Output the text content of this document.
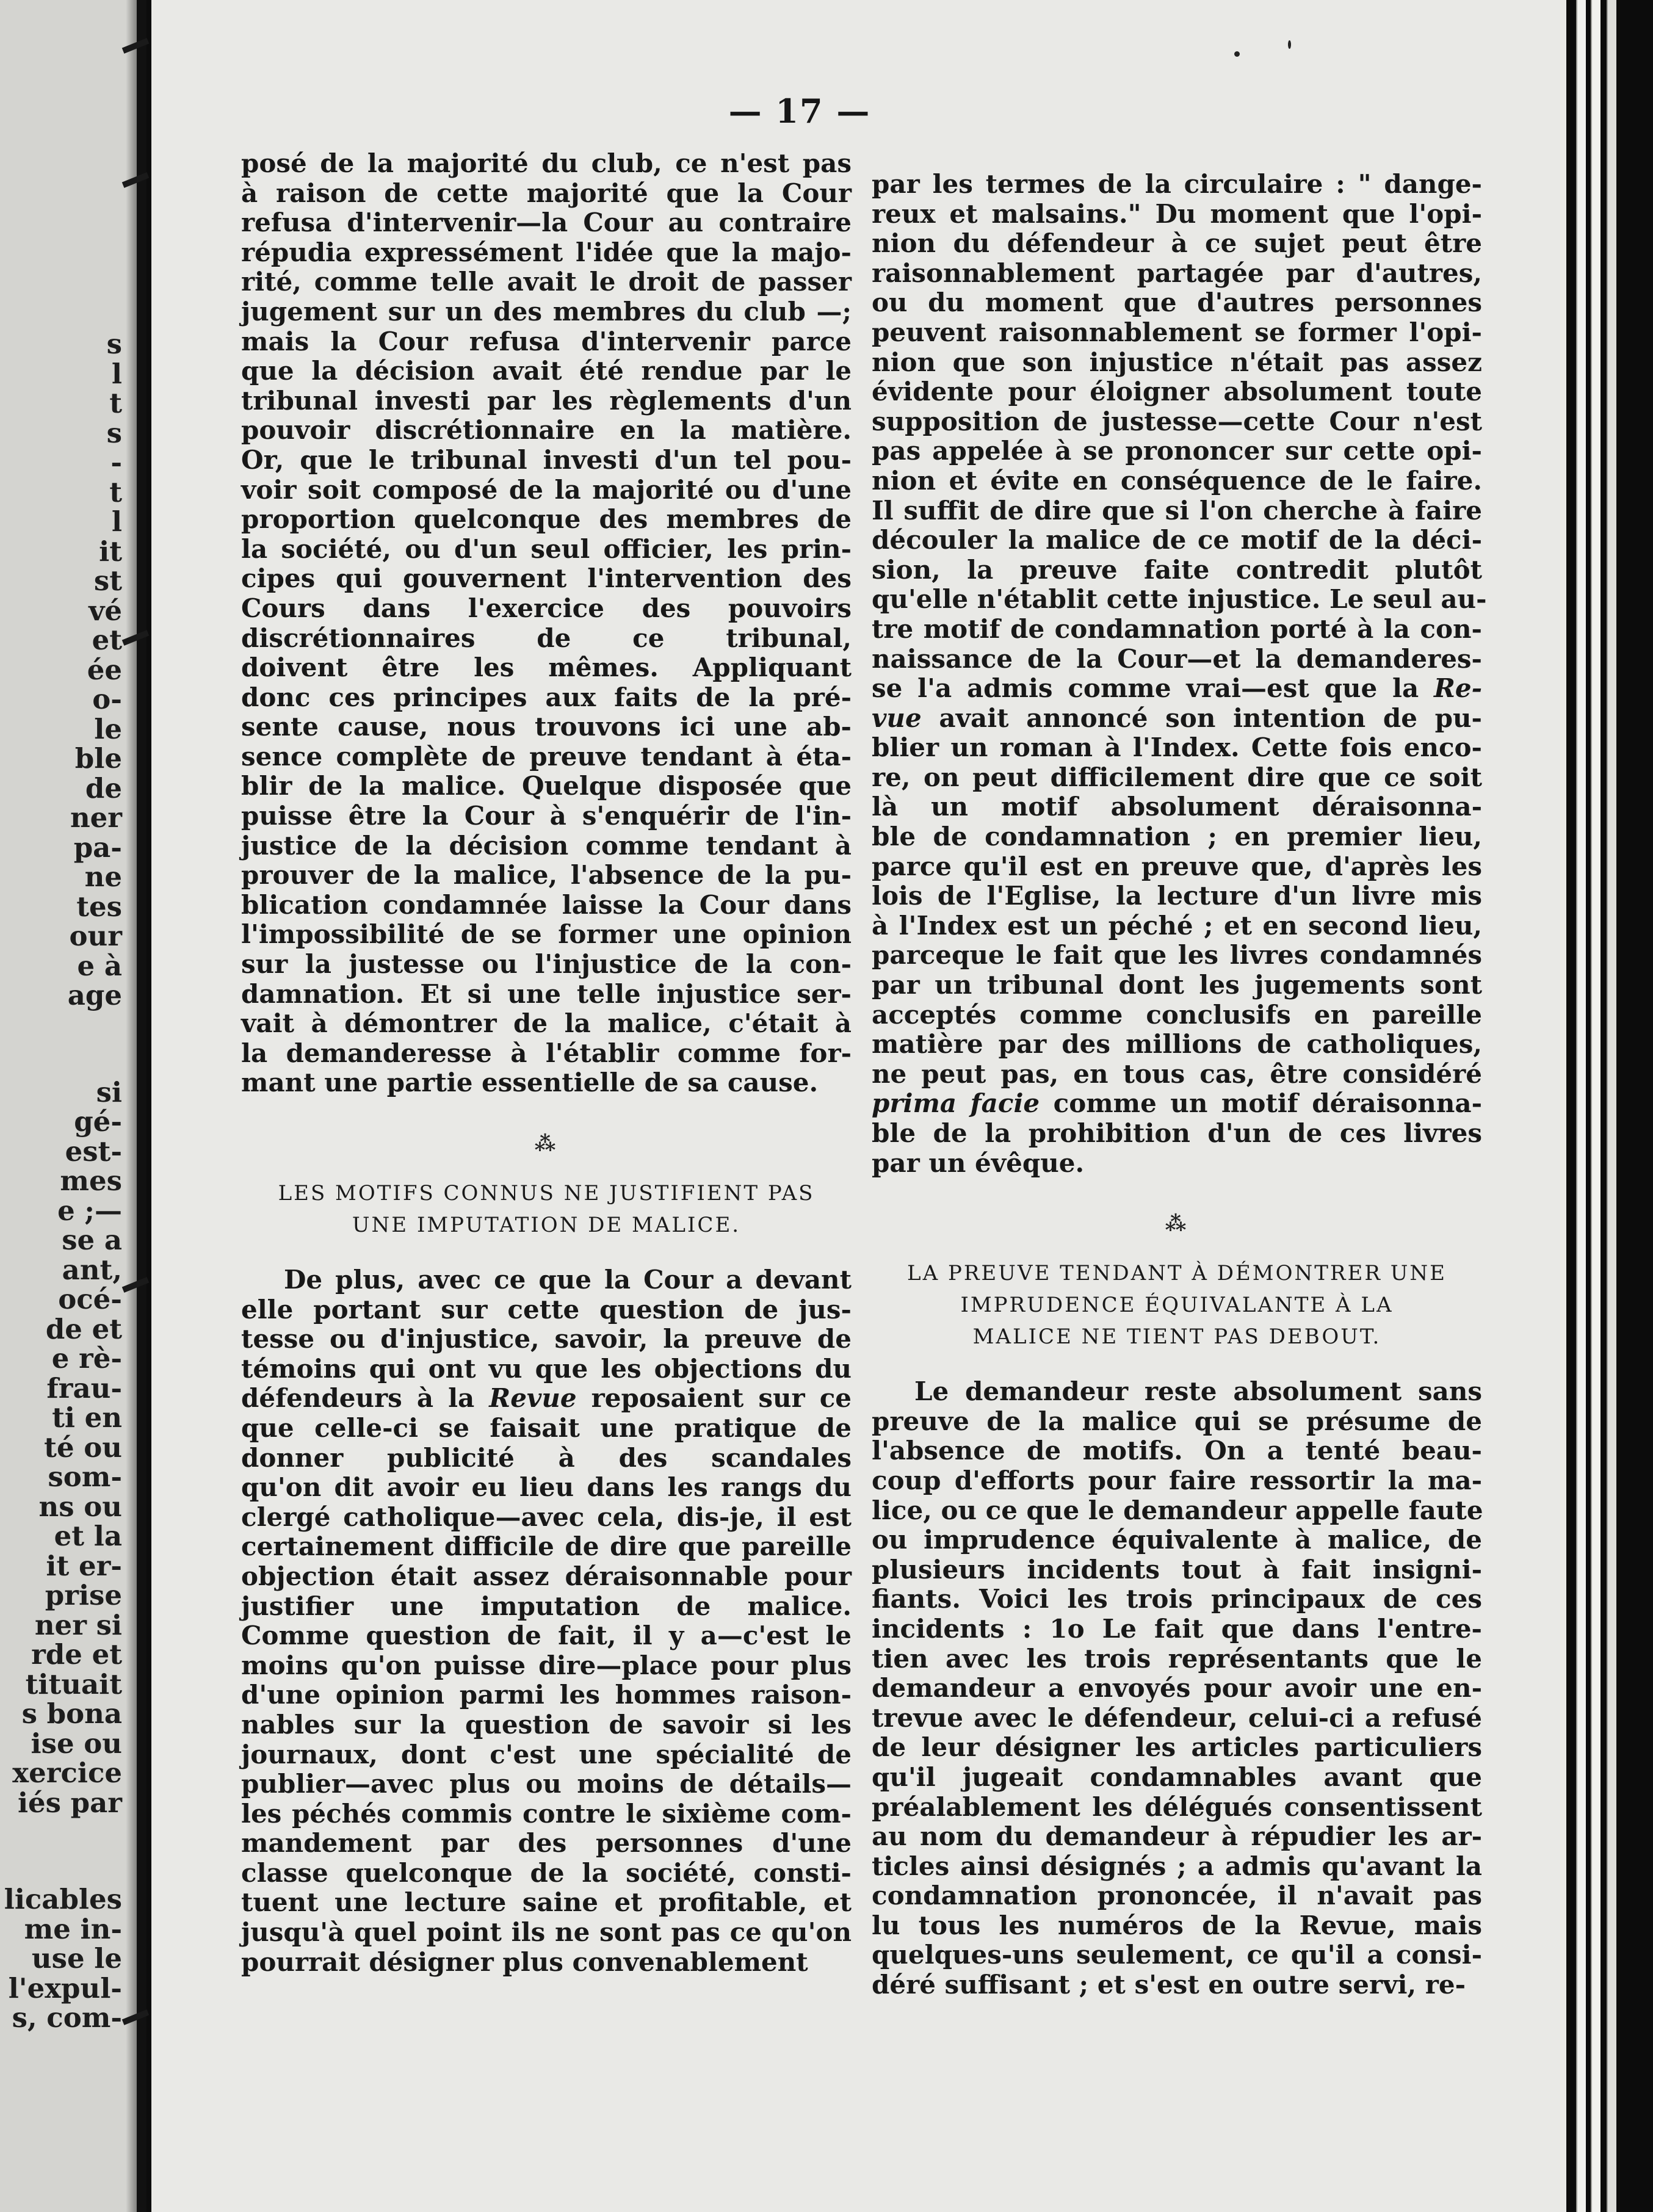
s
l
t
s
-
t
l
it
st
vé
et
ée
o-
le
ble
de
ner
pa-
ne
tes
our
e à
age
si
gé-
est-
mes
e ;—
se a
ant,
océ-
de et
e rè-
frau-
ti en
té ou
som-
ns ou
et la
it er-
prise
ner si
rde et
tituait
s bona
ise ou
xercice
iés par
licables
me in-
use le
l'expul-
s, com-
— 17 —
posé de la majorité du club, ce n'est pas
à raison de cette majorité que la Cour
refusa d'intervenir—la Cour au contraire
répudia expressément l'idée que la majo-
rité, comme telle avait le droit de passer
jugement sur un des membres du club —;
mais la Cour refusa d'intervenir parce
que la décision avait été rendue par le
tribunal investi par les règlements d'un
pouvoir discrétionnaire en la matière.
Or, que le tribunal investi d'un tel pou-
voir soit composé de la majorité ou d'une
proportion quelconque des membres de
la société, ou d'un seul officier, les prin-
cipes qui gouvernent l'intervention des
Cours dans l'exercice des pouvoirs
discrétionnaires de ce tribunal,
doivent être les mêmes. Appliquant
donc ces principes aux faits de la pré-
sente cause, nous trouvons ici une ab-
sence complète de preuve tendant à éta-
blir de la malice. Quelque disposée que
puisse être la Cour à s'enquérir de l'in-
justice de la décision comme tendant à
prouver de la malice, l'absence de la pu-
blication condamnée laisse la Cour dans
l'impossibilité de se former une opinion
sur la justesse ou l'injustice de la con-
damnation. Et si une telle injustice ser-
vait à démontrer de la malice, c'était à
la demanderesse à l'établir comme for-
mant une partie essentielle de sa cause.
⁂
LES MOTIFS CONNUS NE JUSTIFIENT PAS
UNE IMPUTATION DE MALICE.
De plus, avec ce que la Cour a devant
elle portant sur cette question de jus-
tesse ou d'injustice, savoir, la preuve de
témoins qui ont vu que les objections du
défendeurs à la Revue reposaient sur ce
que celle-ci se faisait une pratique de
donner publicité à des scandales
qu'on dit avoir eu lieu dans les rangs du
clergé catholique—avec cela, dis-je, il est
certainement difficile de dire que pareille
objection était assez déraisonnable pour
justifier une imputation de malice.
Comme question de fait, il y a—c'est le
moins qu'on puisse dire—place pour plus
d'une opinion parmi les hommes raison-
nables sur la question de savoir si les
journaux, dont c'est une spécialité de
publier—avec plus ou moins de détails—
les péchés commis contre le sixième com-
mandement par des personnes d'une
classe quelconque de la société, consti-
tuent une lecture saine et profitable, et
jusqu'à quel point ils ne sont pas ce qu'on
pourrait désigner plus convenablement
par les termes de la circulaire : " dange-
reux et malsains." Du moment que l'opi-
nion du défendeur à ce sujet peut être
raisonnablement partagée par d'autres,
ou du moment que d'autres personnes
peuvent raisonnablement se former l'opi-
nion que son injustice n'était pas assez
évidente pour éloigner absolument toute
supposition de justesse—cette Cour n'est
pas appelée à se prononcer sur cette opi-
nion et évite en conséquence de le faire.
Il suffit de dire que si l'on cherche à faire
découler la malice de ce motif de la déci-
sion, la preuve faite contredit plutôt
qu'elle n'établit cette injustice. Le seul au-
tre motif de condamnation porté à la con-
naissance de la Cour—et la demanderes-
se l'a admis comme vrai—est que la Re-
vue avait annoncé son intention de pu-
blier un roman à l'Index. Cette fois enco-
re, on peut difficilement dire que ce soit
là un motif absolument déraisonna-
ble de condamnation ; en premier lieu,
parce qu'il est en preuve que, d'après les
lois de l'Eglise, la lecture d'un livre mis
à l'Index est un péché ; et en second lieu,
parceque le fait que les livres condamnés
par un tribunal dont les jugements sont
acceptés comme conclusifs en pareille
matière par des millions de catholiques,
ne peut pas, en tous cas, être considéré
prima facie comme un motif déraisonna-
ble de la prohibition d'un de ces livres
par un évêque.
⁂
LA PREUVE TENDANT À DÉMONTRER UNE
IMPRUDENCE ÉQUIVALANTE À LA
MALICE NE TIENT PAS DEBOUT.
Le demandeur reste absolument sans
preuve de la malice qui se présume de
l'absence de motifs. On a tenté beau-
coup d'efforts pour faire ressortir la ma-
lice, ou ce que le demandeur appelle faute
ou imprudence équivalente à malice, de
plusieurs incidents tout à fait insigni-
fiants. Voici les trois principaux de ces
incidents : 1o Le fait que dans l'entre-
tien avec les trois représentants que le
demandeur a envoyés pour avoir une en-
trevue avec le défendeur, celui-ci a refusé
de leur désigner les articles particuliers
qu'il jugeait condamnables avant que
préalablement les délégués consentissent
au nom du demandeur à répudier les ar-
ticles ainsi désignés ; a admis qu'avant la
condamnation prononcée, il n'avait pas
lu tous les numéros de la Revue, mais
quelques-uns seulement, ce qu'il a consi-
déré suffisant ; et s'est en outre servi, re-
